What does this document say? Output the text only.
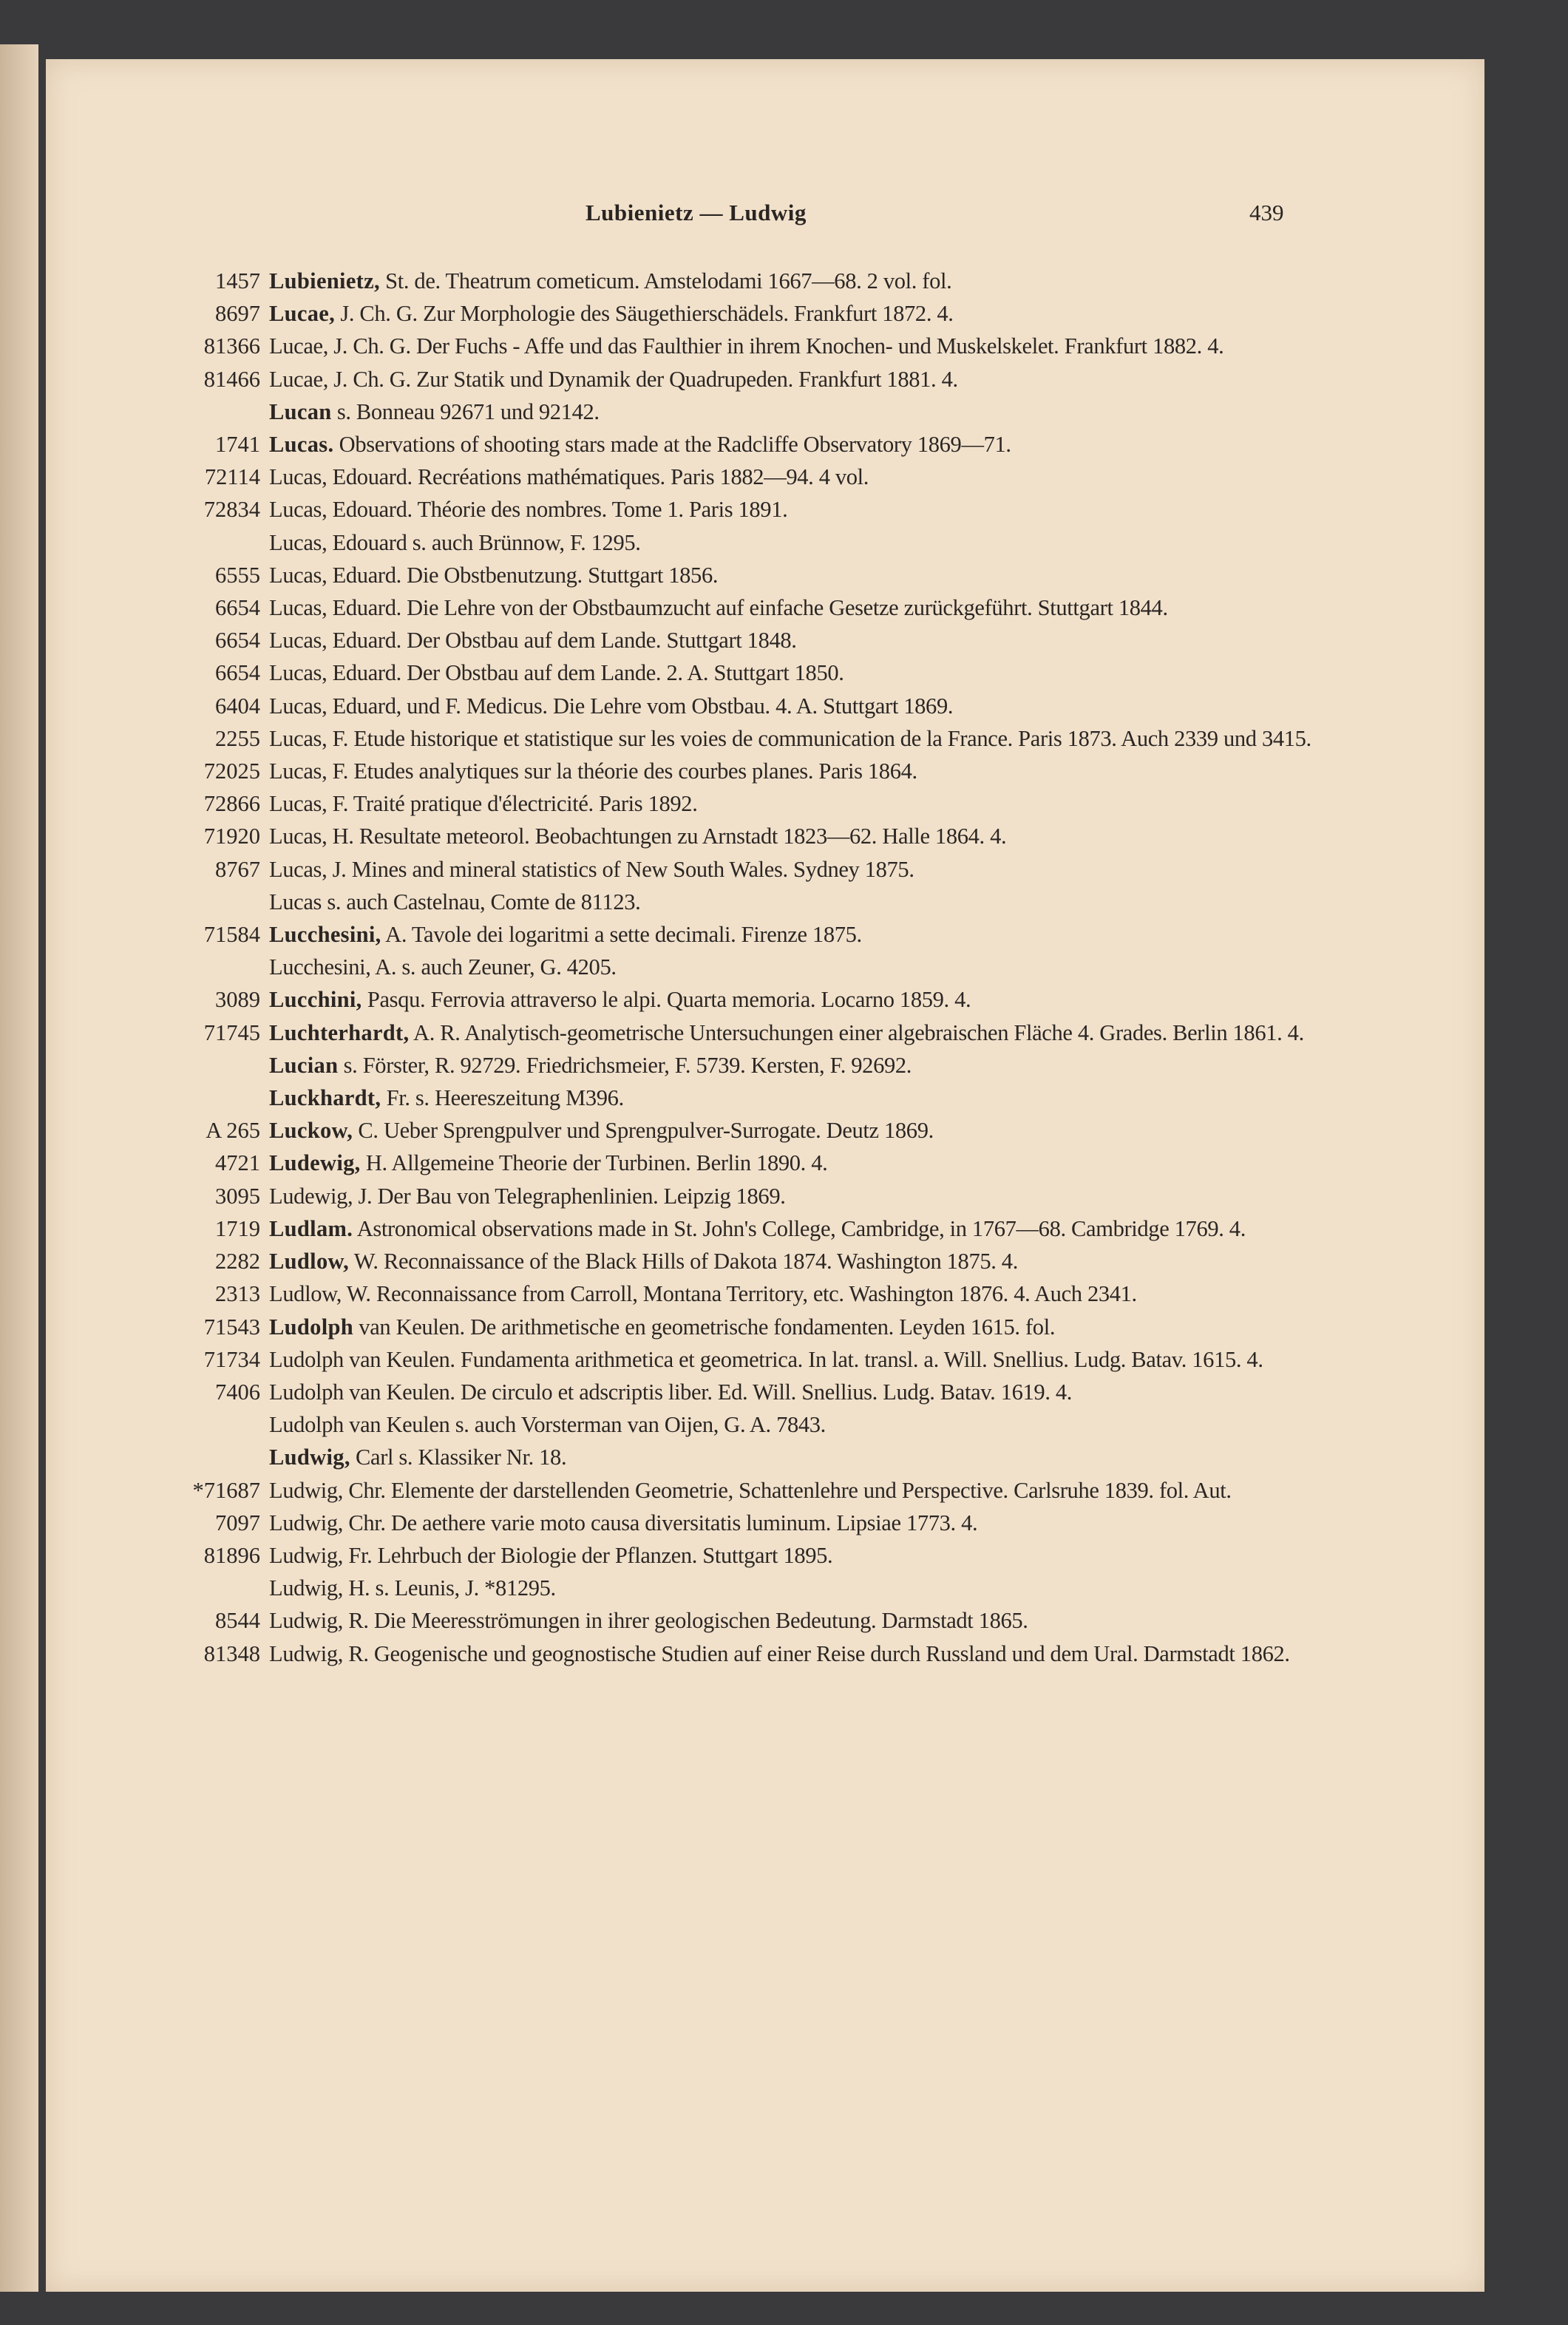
Lubienietz — Ludwig	439
1457 Lubienietz, St. de. Theatrum cometicum. Amstelodami 1667—68. 2 vol. fol.
8697 Lucae, J. Ch. G. Zur Morphologie des Säugethierschädels. Frankfurt 1872. 4.
81366 Lucae, J. Ch. G. Der Fuchs - Affe und das Faulthier in ihrem Knochen- und Muskelskelet. Frankfurt 1882. 4.
81466 Lucae, J. Ch. G. Zur Statik und Dynamik der Quadrupeden. Frankfurt 1881. 4.
Lucan s. Bonneau 92671 und 92142.
1741 Lucas. Observations of shooting stars made at the Radcliffe Observatory 1869—71.
72114 Lucas, Edouard. Recréations mathématiques. Paris 1882—94. 4 vol.
72834 Lucas, Edouard. Théorie des nombres. Tome 1. Paris 1891.
Lucas, Edouard s. auch Brünnow, F. 1295.
6555 Lucas, Eduard. Die Obstbenutzung. Stuttgart 1856.
6654 Lucas, Eduard. Die Lehre von der Obstbaumzucht auf einfache Gesetze zurückgeführt. Stuttgart 1844.
6654 Lucas, Eduard. Der Obstbau auf dem Lande. Stuttgart 1848.
6654 Lucas, Eduard. Der Obstbau auf dem Lande. 2. A. Stuttgart 1850.
6404 Lucas, Eduard, und F. Medicus. Die Lehre vom Obstbau. 4. A. Stuttgart 1869.
2255 Lucas, F. Etude historique et statistique sur les voies de communication de la France. Paris 1873. Auch 2339 und 3415.
72025 Lucas, F. Etudes analytiques sur la théorie des courbes planes. Paris 1864.
72866 Lucas, F. Traité pratique d'électricité. Paris 1892.
71920 Lucas, H. Resultate meteorol. Beobachtungen zu Arnstadt 1823—62. Halle 1864. 4.
8767 Lucas, J. Mines and mineral statistics of New South Wales. Sydney 1875.
Lucas s. auch Castelnau, Comte de 81123.
71584 Lucchesini, A. Tavole dei logaritmi a sette decimali. Firenze 1875.
Lucchesini, A. s. auch Zeuner, G. 4205.
3089 Lucchini, Pasqu. Ferrovia attraverso le alpi. Quarta memoria. Locarno 1859. 4.
71745 Luchterhardt, A. R. Analytisch-geometrische Untersuchungen einer algebraischen Fläche 4. Grades. Berlin 1861. 4.
Lucian s. Förster, R. 92729. Friedrichsmeier, F. 5739. Kersten, F. 92692.
Luckhardt, Fr. s. Heereszeitung M396.
A 265 Luckow, C. Ueber Sprengpulver und Sprengpulver-Surrogate. Deutz 1869.
4721 Ludewig, H. Allgemeine Theorie der Turbinen. Berlin 1890. 4.
3095 Ludewig, J. Der Bau von Telegraphenlinien. Leipzig 1869.
1719 Ludlam. Astronomical observations made in St. John's College, Cambridge, in 1767—68. Cambridge 1769. 4.
2282 Ludlow, W. Reconnaissance of the Black Hills of Dakota 1874. Washington 1875. 4.
2313 Ludlow, W. Reconnaissance from Carroll, Montana Territory, etc. Washington 1876. 4. Auch 2341.
71543 Ludolph van Keulen. De arithmetische en geometrische fondamenten. Leyden 1615. fol.
71734 Ludolph van Keulen. Fundamenta arithmetica et geometrica. In lat. transl. a. Will. Snellius. Ludg. Batav. 1615. 4.
7406 Ludolph van Keulen. De circulo et adscriptis liber. Ed. Will. Snellius. Ludg. Batav. 1619. 4.
Ludolph van Keulen s. auch Vorsterman van Oijen, G. A. 7843.
Ludwig, Carl s. Klassiker Nr. 18.
*71687 Ludwig, Chr. Elemente der darstellenden Geometrie, Schattenlehre und Perspective. Carlsruhe 1839. fol. Aut.
7097 Ludwig, Chr. De aethere varie moto causa diversitatis luminum. Lipsiae 1773. 4.
81896 Ludwig, Fr. Lehrbuch der Biologie der Pflanzen. Stuttgart 1895.
Ludwig, H. s. Leunis, J. *81295.
8544 Ludwig, R. Die Meeresströmungen in ihrer geologischen Bedeutung. Darmstadt 1865.
81348 Ludwig, R. Geogenische und geognostische Studien auf einer Reise durch Russland und dem Ural. Darmstadt 1862.
